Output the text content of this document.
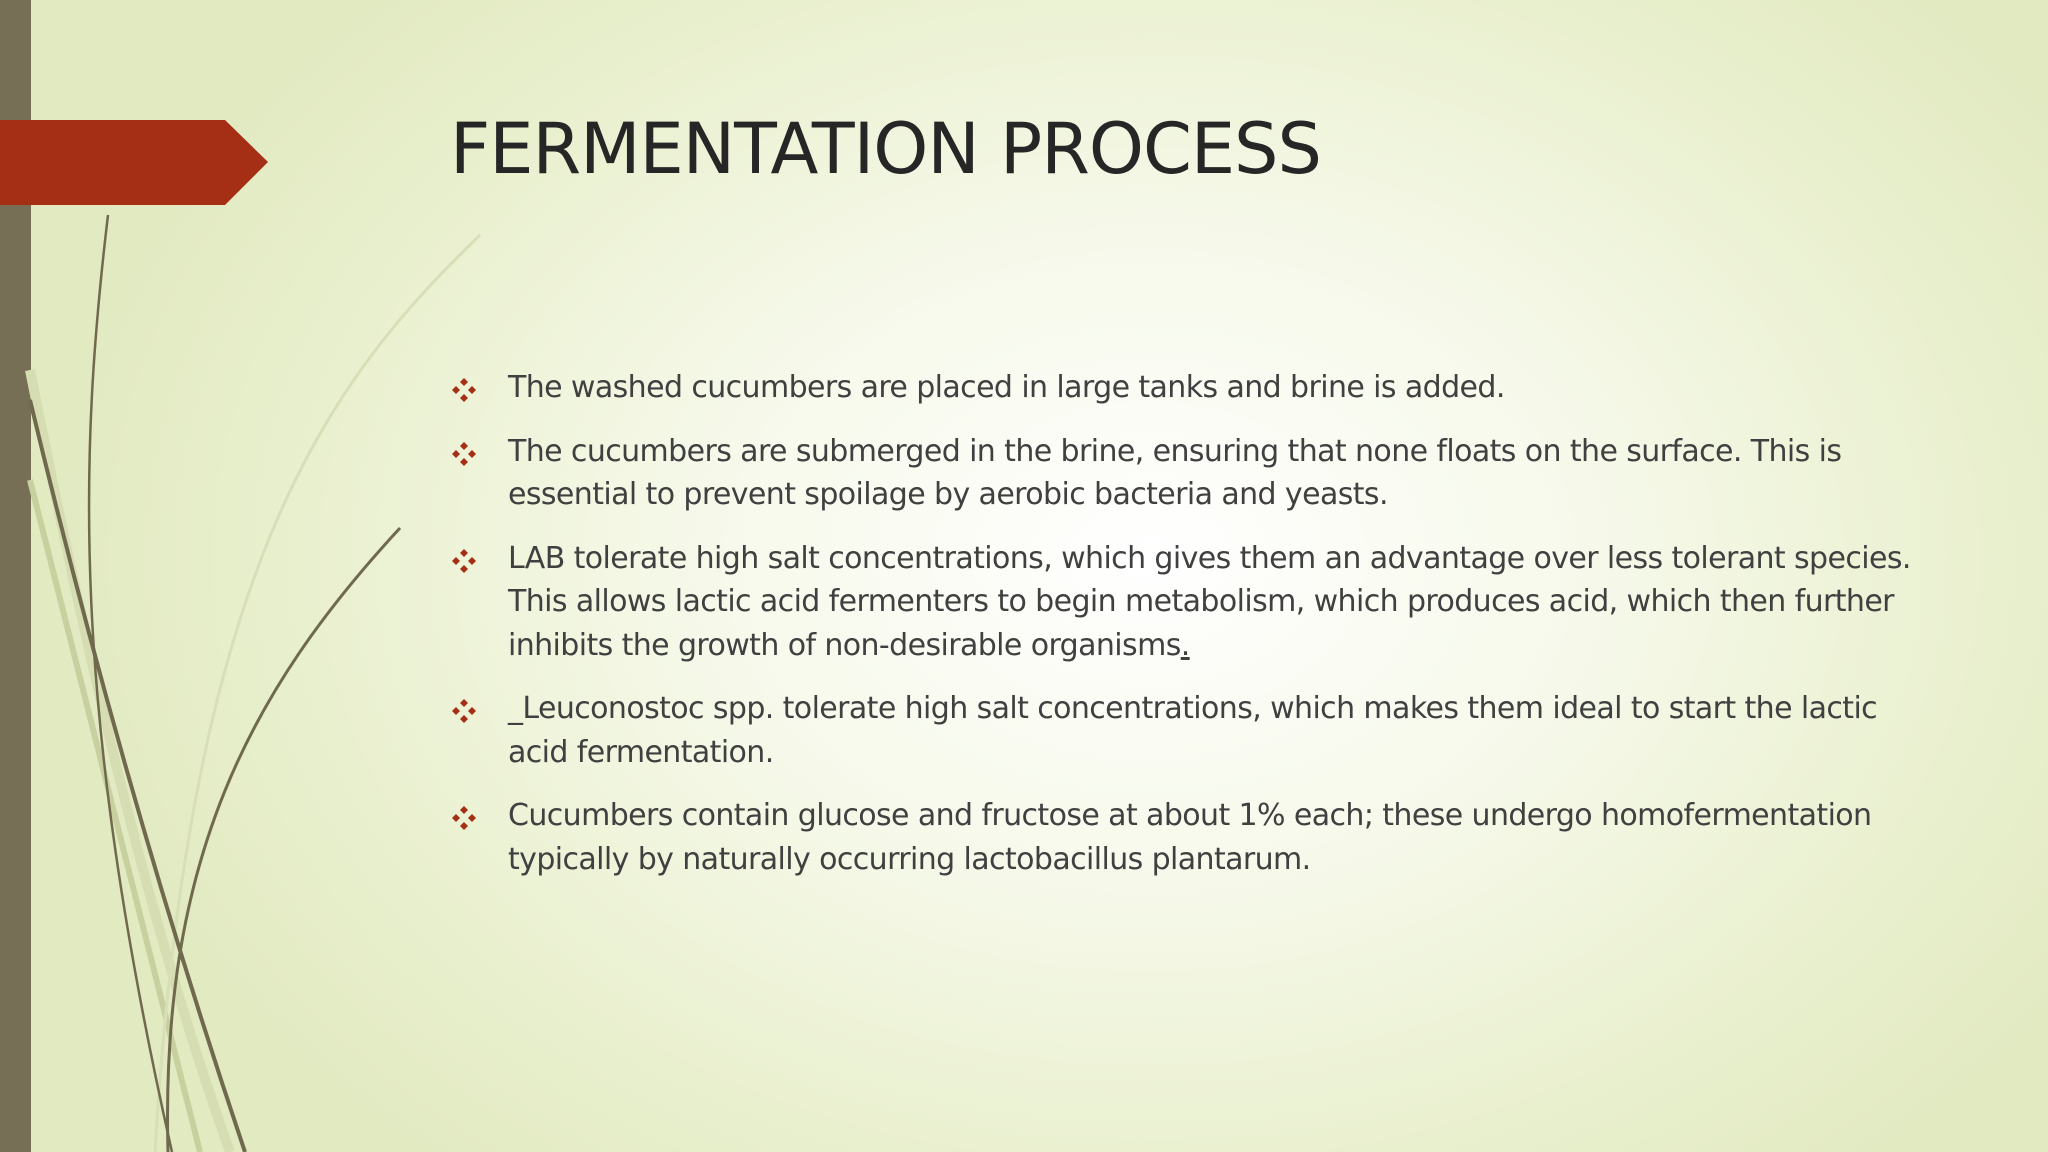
FERMENTATION PROCESS
The washed cucumbers are placed in large tanks and brine is added.
The cucumbers are submerged in the brine, ensuring that none floats on the surface. This is essential to prevent spoilage by aerobic bacteria and yeasts.
LAB tolerate high salt concentrations, which gives them an advantage over less tolerant species. This allows lactic acid fermenters to begin metabolism, which produces acid, which then further inhibits the growth of non-desirable organisms.
_Leuconostoc spp. tolerate high salt concentrations, which makes them ideal to start the lactic acid fermentation.
Cucumbers contain glucose and fructose at about 1% each; these undergo homofermentation typically by naturally occurring lactobacillus plantarum.
